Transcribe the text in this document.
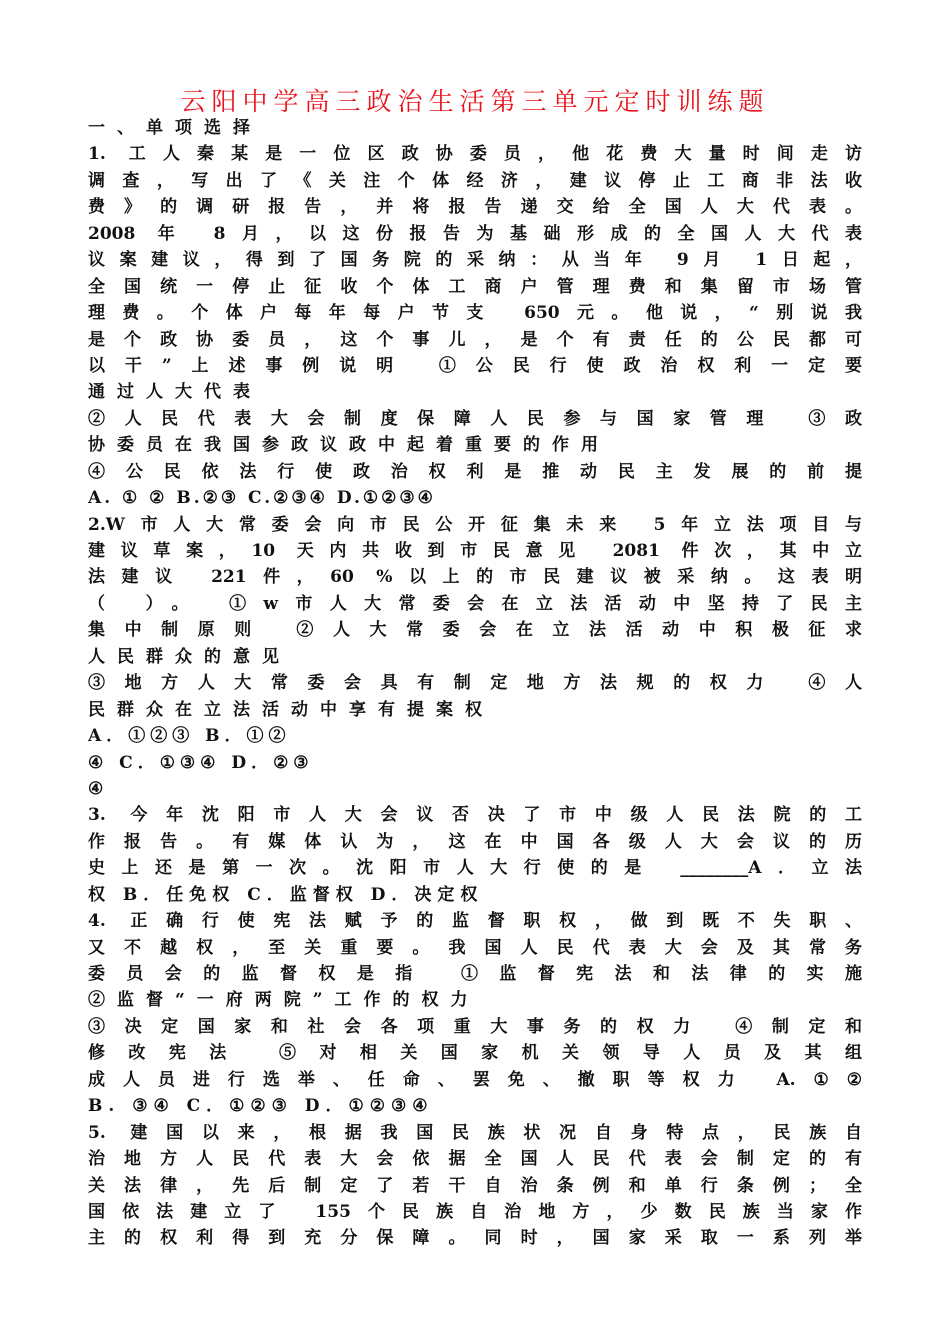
云阳中学高三政治生活第三单元定时训练题
一、单项选择
1. 工人秦某是一位区政协委员，他花费大量时间走访
调查，写出了《关注个体经济，建议停止工商非法收
费》的调研报告，并将报告递交给全国人大代表。
2008 年 8月，以这份报告为基础形成的全国人大代表
议案建议，得到了国务院的采纳：从当年 9月 1日起，
全国统一停止征收个体工商户管理费和集留市场管
理费。个体户每年每户节支 650元。他说，“别说我
是个政协委员，这个事儿，是个有责任的公民都可
以干”上述事例说明 ①公民行使政治权利一定要
通过人大代表
②人民代表大会制度保障人民参与国家管理 ③政
协委员在我国参政议政中起着重要的作用
④公民依法行使政治权利是推动民主发展的前提
A. ① ② B.②③ C.②③④ D.①②③④
2.W市人大常委会向市民公开征集未来 5年立法项目与
建议草案，10 天内共收到市民意见 2081 件次，其中立
法建议 221件，60 %以上的市民建议被采纳。这表明
（ ）。 ①w市人大常委会在立法活动中坚持了民主
集中制原则 ②人大常委会在立法活动中积极征求
人民群众的意见
③地方人大常委会具有制定地方法规的权力 ④人
民群众在立法活动中享有提案权
A．①②③ B．①②
④ C．①③④ D．②③
④
3. 今年沈阳市人大会议否决了市中级人民法院的工
作报告。有媒体认为，这在中国各级人大会议的历
史上还是第一次。沈阳市人大行使的是 ________A．立法
权 B．任免权 C．监督权 D．决定权
4. 正确行使宪法赋予的监督职权，做到既不失职、
又不越权，至关重要。我国人民代表大会及其常务
委员会的监督权是指 ①监督宪法和法律的实施
②监督“一府两院”工作的权力
③决定国家和社会各项重大事务的权力 ④制定和
修改宪法 ⑤对相关国家机关领导人员及其组
成人员进行选举、任命、罢免、撤职等权力 A.①②
B. ③④ C．①②③ D．①②③④
5. 建国以来，根据我国民族状况自身特点，民族自
治地方人民代表大会依据全国人民代表会制定的有
关法律，先后制定了若干自治条例和单行条例；全
国依法建立了 155个民族自治地方，少数民族当家作
主的权利得到充分保障。同时，国家采取一系列举
